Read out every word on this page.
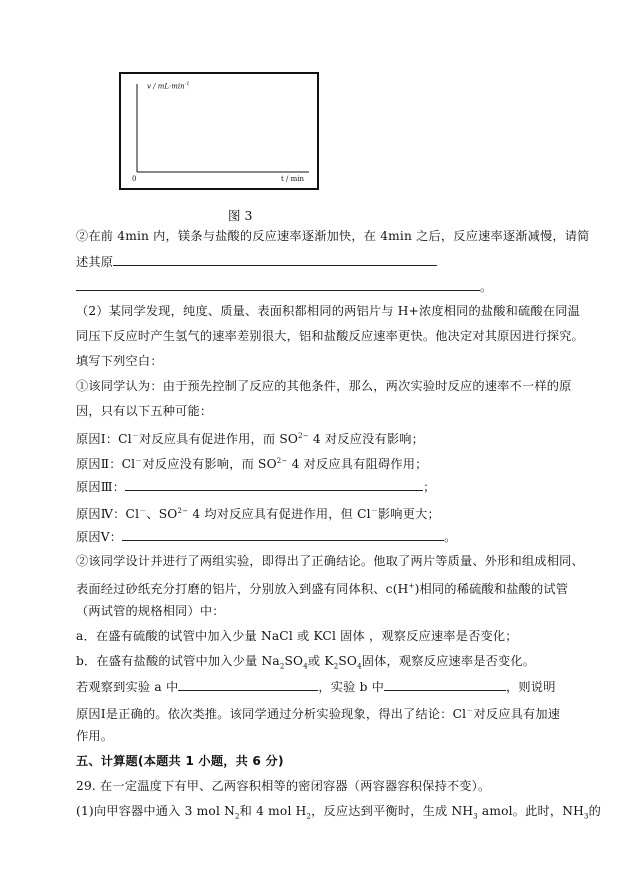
$v / mL\cdot\min^{-1}$
t / min
0
图 3
②在前 4min 内，镁条与盐酸的反应速率逐渐加快，在 4min 之后，反应速率逐渐减慢，请简
述其原
。
（2）某同学发现，纯度、质量、表面积都相同的两铝片与 H+浓度相同的盐酸和硫酸在同温
同压下反应时产生氢气的速率差别很大，铝和盐酸反应速率更快。他决定对其原因进行探究。
填写下列空白：
①该同学认为：由于预先控制了反应的其他条件，那么，两次实验时反应的速率不一样的原
因，只有以下五种可能：
原因Ⅰ：Cl－对反应具有促进作用，而 $SO^{2-}$ 4 对反应没有影响；
原因Ⅱ：Cl－对反应没有影响，而 $SO^{2-}$ 4 对反应具有阻碍作用；
原因Ⅲ：	；
原因Ⅳ：Cl－、$SO^{2-}$ 4 均对反应具有促进作用，但 Cl－影响更大；
原因Ⅴ：	。
②该同学设计并进行了两组实验，即得出了正确结论。他取了两片等质量、外形和组成相同、
表面经过砂纸充分打磨的铝片，分别放入到盛有同体积、c(H+)相同的稀硫酸和盐酸的试管
（两试管的规格相同）中：
a．在盛有硫酸的试管中加入少量 NaCl 或 KCl 固体 ，观察反应速率是否变化；
b．在盛有盐酸的试管中加入少量 $Na_2SO_4$或 $K_2SO_4$固体，观察反应速率是否变化。
若观察到实验 a 中	，实验 b 中	，则说明
原因Ⅰ是正确的。依次类推。该同学通过分析实验现象，得出了结论：Cl－对反应具有加速
作用。
五、计算题(本题共 1 小题，共 6 分)
29. 在一定温度下有甲、乙两容积相等的密闭容器（两容器容积保持不变）。
(1)向甲容器中通入 3 mol $N_2$和 4 mol $H_2$，反应达到平衡时，生成 $NH_3$ amol。此时，$NH_3$的
